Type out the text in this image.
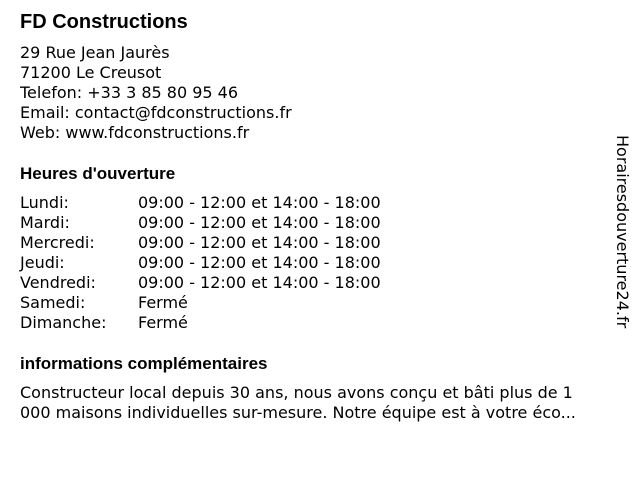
FD Constructions
29 Rue Jean Jaurès
71200 Le Creusot
Telefon: +33 3 85 80 95 46
Email: contact@fdconstructions.fr
Web: www.fdconstructions.fr
Heures d'ouverture
Lundi:	09:00 - 12:00 et 14:00 - 18:00
Mardi:	09:00 - 12:00 et 14:00 - 18:00
Mercredi:	09:00 - 12:00 et 14:00 - 18:00
Jeudi:	09:00 - 12:00 et 14:00 - 18:00
Vendredi:	09:00 - 12:00 et 14:00 - 18:00
Samedi:	Fermé
Dimanche: Fermé
informations complémentaires
Constructeur local depuis 30 ans, nous avons conçu et bâti plus de 1
000 maisons individuelles sur-mesure. Notre équipe est à votre éco...
Horairesdouverture24.fr
